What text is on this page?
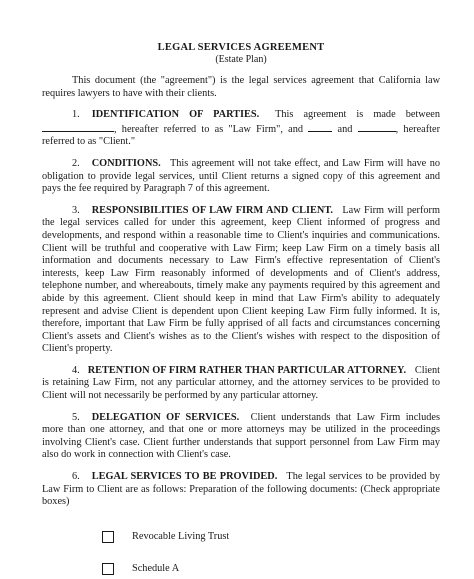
LEGAL SERVICES AGREEMENT
(Estate Plan)

This document (the "agreement") is the legal services agreement that California law requires lawyers to have with their clients.

1. IDENTIFICATION OF PARTIES. This agreement is made between , hereafter referred to as "Law Firm", and	and	, hereafter referred to as "Client."

2. CONDITIONS. This agreement will not take effect, and Law Firm will have no obligation to provide legal services, until Client returns a signed copy of this agreement and pays the fee required by Paragraph 7 of this agreement.

3. RESPONSIBILITIES OF LAW FIRM AND CLIENT. Law Firm will perform the legal services called for under this agreement, keep Client informed of progress and developments, and respond within a reasonable time to Client's inquiries and communications. Client will be truthful and cooperative with Law Firm; keep Law Firm on a timely basis all information and documents necessary to Law Firm's effective representation of Client's interests, keep Law Firm reasonably informed of developments and of Client's address, telephone number, and whereabouts, timely make any payments required by this agreement and abide by this agreement. Client should keep in mind that Law Firm's ability to adequately represent and advise Client is dependent upon Client keeping Law Firm fully informed. It is, therefore, important that Law Firm be fully apprised of all facts and circumstances concerning Client's assets and Client's wishes as to the Client's wishes with respect to the disposition of Client's property.

4. RETENTION OF FIRM RATHER THAN PARTICULAR ATTORNEY. Client is retaining Law Firm, not any particular attorney, and the attorney services to be provided to Client will not necessarily be performed by any particular attorney.

5. DELEGATION OF SERVICES. Client understands that Law Firm includes more than one attorney, and that one or more attorneys may be utilized in the proceedings involving Client's case. Client further understands that support personnel from Law Firm may also do work in connection with Client's case.

6. LEGAL SERVICES TO BE PROVIDED. The legal services to be provided by Law Firm to Client are as follows: Preparation of the following documents: (Check appropriate boxes)

Revocable Living Trust
Schedule A
